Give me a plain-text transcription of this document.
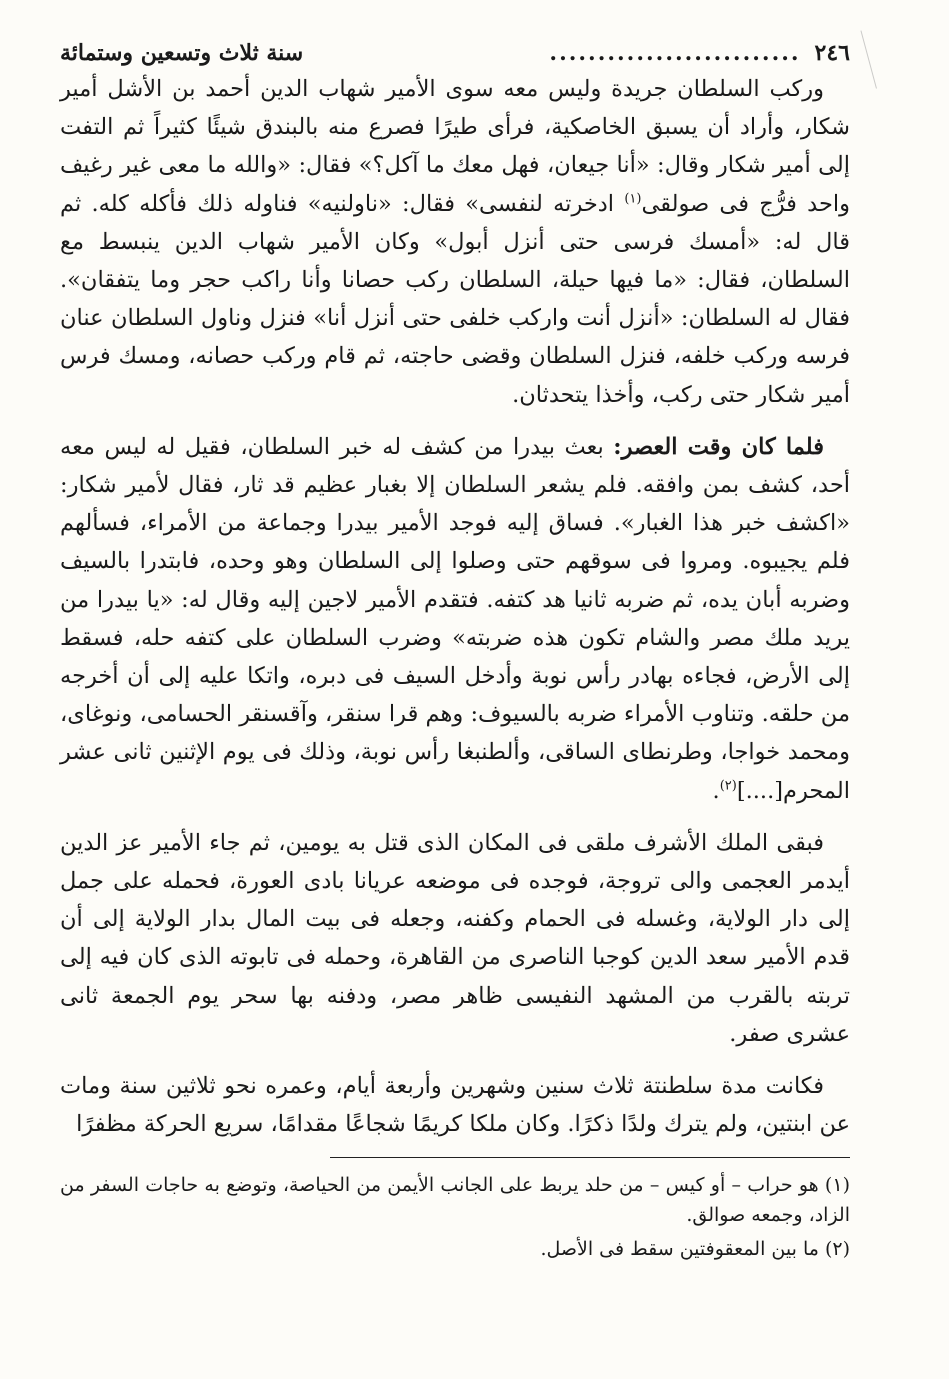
٢٤٦
..........................
سنة ثلاث وتسعين وستمائة

وركب السلطان جريدة وليس معه سوى الأمير شهاب الدين أحمد بن الأشل أمير شكار، وأراد أن يسبق الخاصكية، فرأى طيرًا فصرع منه بالبندق شيئًا كثيراً ثم التفت إلى أمير شكار وقال: «أنا جيعان، فهل معك ما آكل؟» فقال: «والله ما معى غير رغيف واحد فرُّج فى صولقى$^{(١)}$ ادخرته لنفسى» فقال: «ناولنيه» فناوله ذلك فأكله كله. ثم قال له: «أمسك فرسى حتى أنزل أبول» وكان الأمير شهاب الدين ينبسط مع السلطان، فقال: «ما فيها حيلة، السلطان ركب حصانا وأنا راكب حجر وما يتفقان». فقال له السلطان: «أنزل أنت واركب خلفى حتى أنزل أنا» فنزل وناول السلطان عنان فرسه وركب خلفه، فنزل السلطان وقضى حاجته، ثم قام وركب حصانه، ومسك فرس أمير شكار حتى ركب، وأخذا يتحدثان.

فلما كان وقت العصر: بعث بيدرا من كشف له خبر السلطان، فقيل له ليس معه أحد، كشف بمن وافقه. فلم يشعر السلطان إلا بغبار عظيم قد ثار، فقال لأمير شكار: «اكشف خبر هذا الغبار». فساق إليه فوجد الأمير بيدرا وجماعة من الأمراء، فسألهم فلم يجيبوه. ومروا فى سوقهم حتى وصلوا إلى السلطان وهو وحده، فابتدرا بالسيف وضربه أبان يده، ثم ضربه ثانيا هد كتفه. فتقدم الأمير لاجين إليه وقال له: «يا بيدرا من يريد ملك مصر والشام تكون هذه ضربته» وضرب السلطان على كتفه حله، فسقط إلى الأرض، فجاءه بهادر رأس نوبة وأدخل السيف فى دبره، واتكا عليه إلى أن أخرجه من حلقه. وتناوب الأمراء ضربه بالسيوف: وهم قرا سنقر، وآقسنقر الحسامى، ونوغاى، ومحمد خواجا، وطرنطاى الساقى، وألطنبغا رأس نوبة، وذلك فى يوم الإثنين ثانى عشر المحرم[....]$^{(٢)}$.

فبقى الملك الأشرف ملقى فى المكان الذى قتل به يومين، ثم جاء الأمير عز الدين أيدمر العجمى والى تروجة، فوجده فى موضعه عريانا بادى العورة، فحمله على جمل إلى دار الولاية، وغسله فى الحمام وكفنه، وجعله فى بيت المال بدار الولاية إلى أن قدم الأمير سعد الدين كوجبا الناصرى من القاهرة، وحمله فى تابوته الذى كان فيه إلى تربته بالقرب من المشهد النفيسى ظاهر مصر، ودفنه بها سحر يوم الجمعة ثانى عشرى صفر.

فكانت مدة سلطنتة ثلاث سنين وشهرين وأربعة أيام، وعمره نحو ثلاثين سنة ومات عن ابنتين، ولم يترك ولدًا ذكرًا. وكان ملكا كريمًا شجاعًا مقدامًا، سريع الحركة مظفرًا

(١) هو حراب – أو كيس – من حلد يربط على الجانب الأيمن من الحياصة، وتوضع به حاجات السفر من الزاد، وجمعه صوالق.

(٢) ما بين المعقوفتين سقط فى الأصل.
